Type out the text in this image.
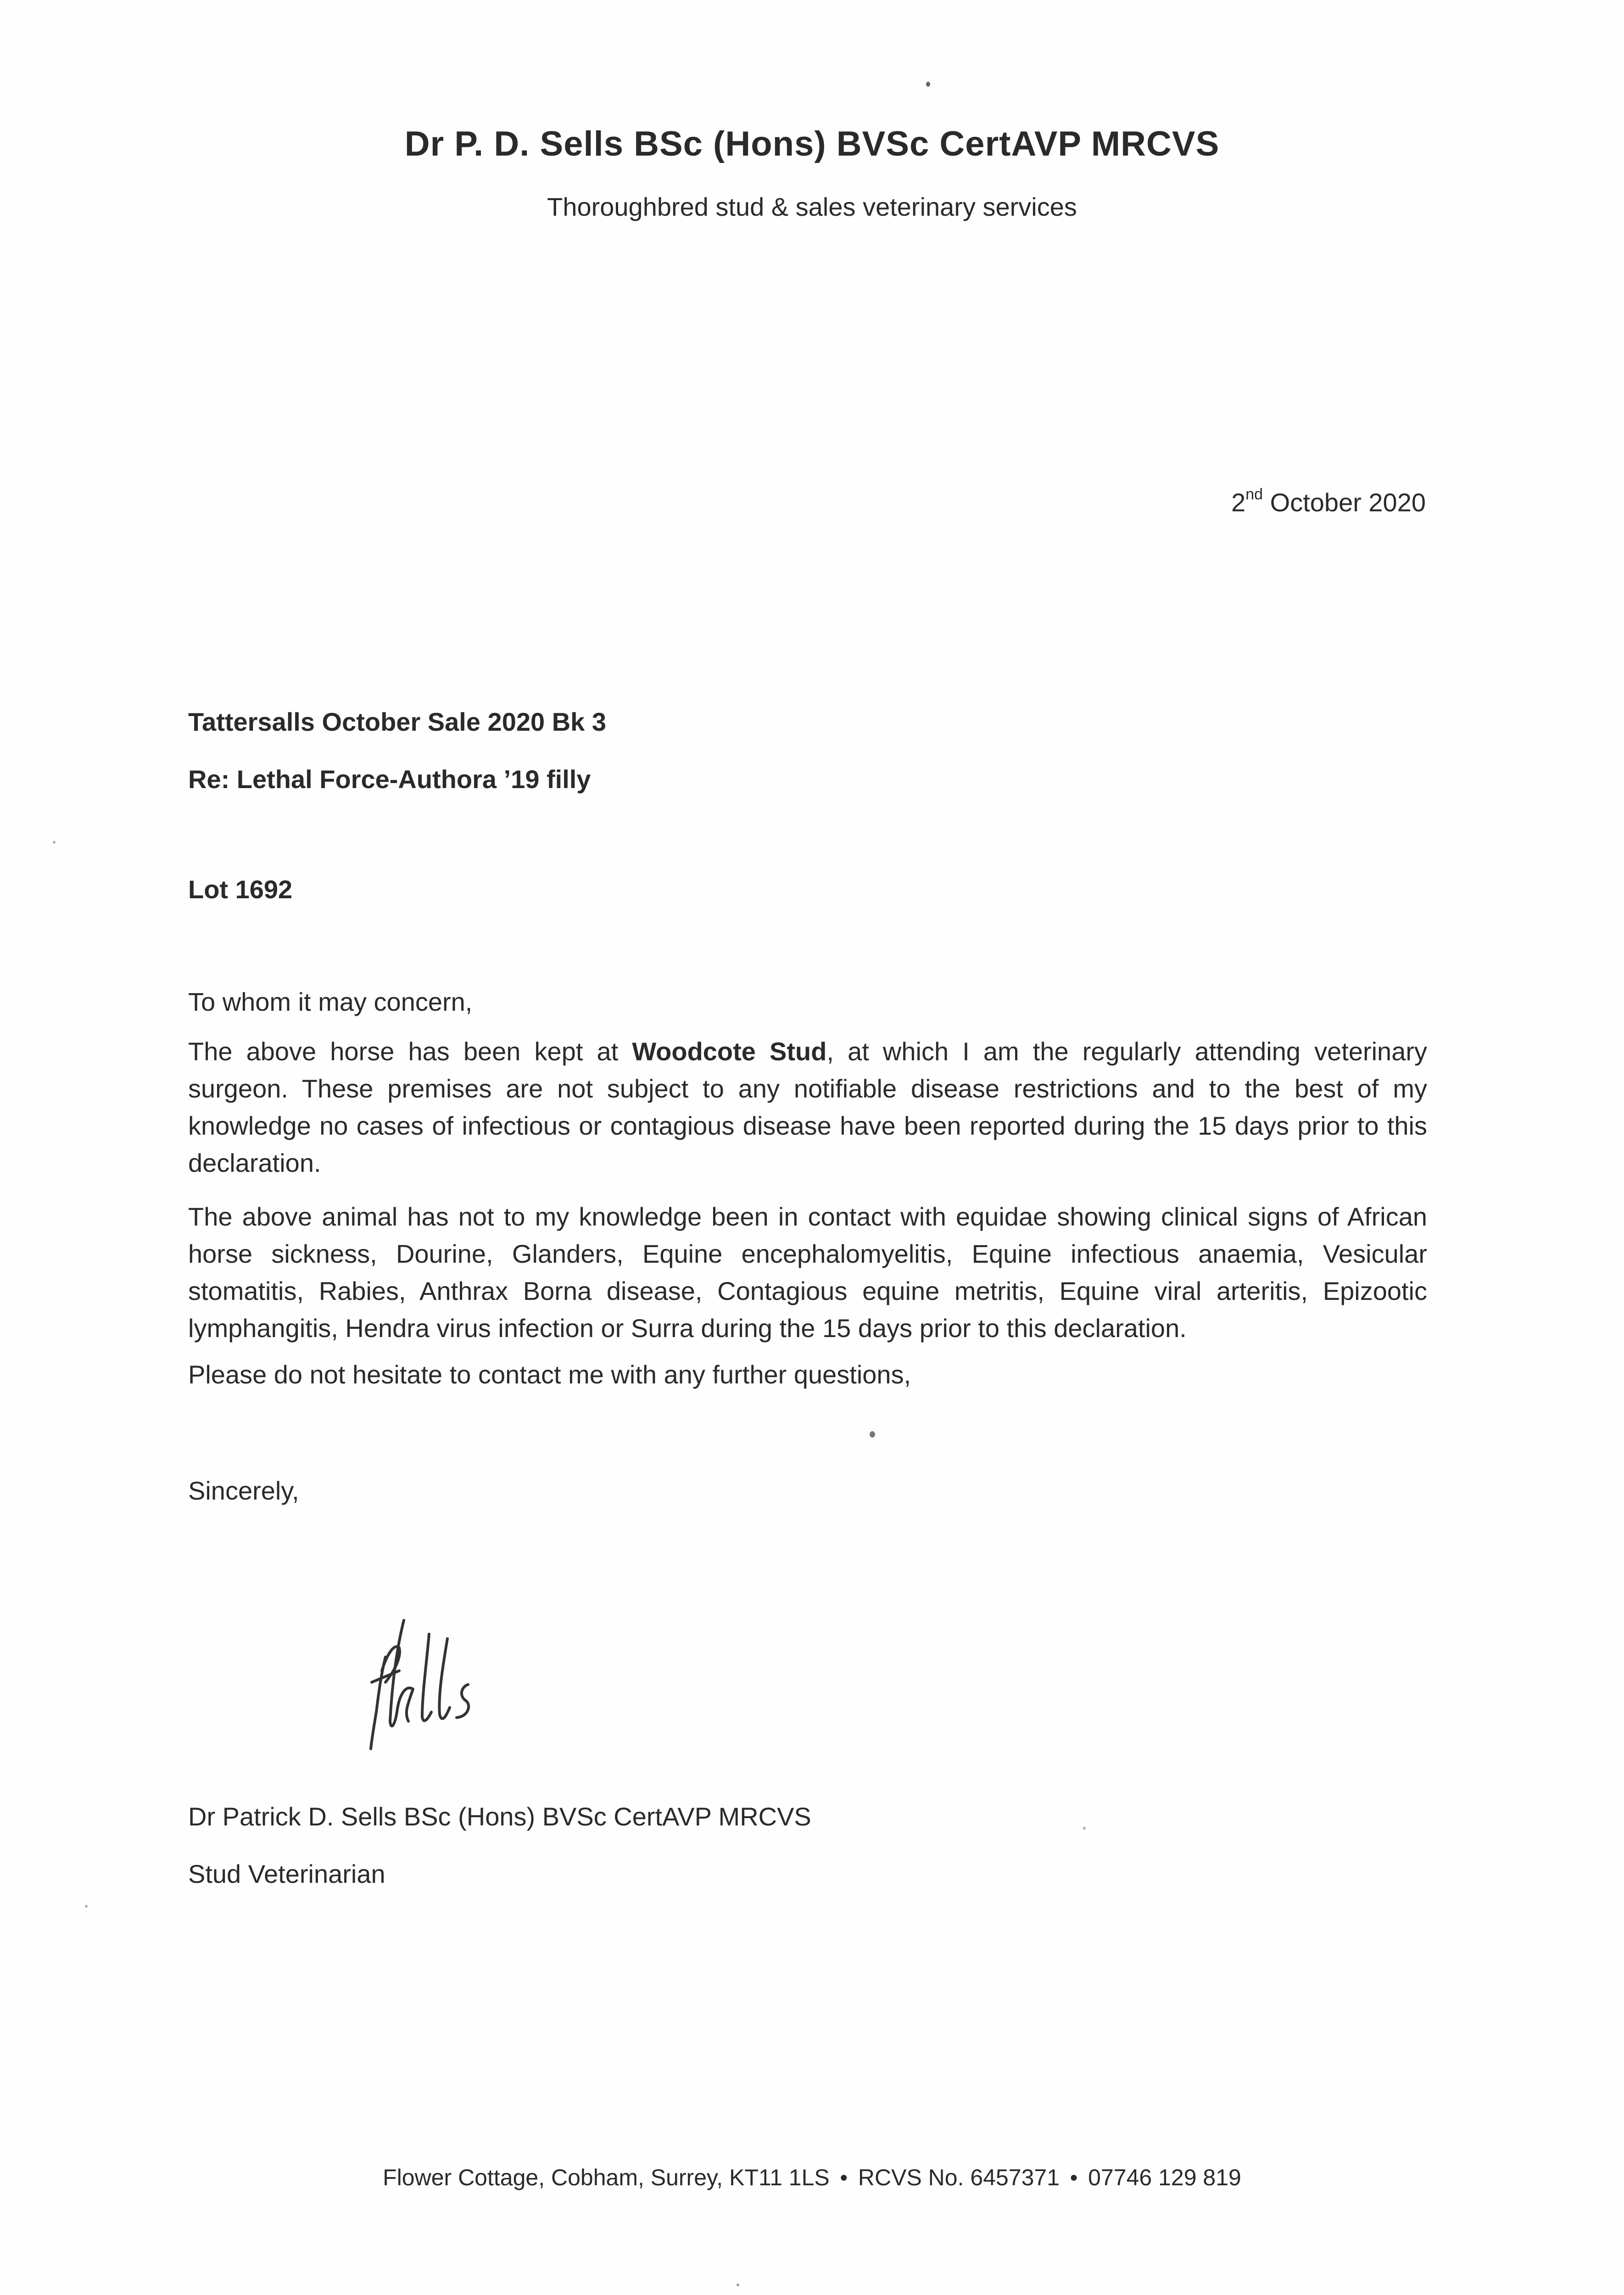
Dr P. D. Sells BSc (Hons) BVSc CertAVP MRCVS
Thoroughbred stud & sales veterinary services
2nd October 2020
Tattersalls October Sale 2020 Bk 3
Re: Lethal Force-Authora ’19 filly
Lot 1692
To whom it may concern,

The above horse has been kept at Woodcote Stud, at which I am the regularly attending veterinary surgeon. These premises are not subject to any notifiable disease restrictions and to the best of my knowledge no cases of infectious or contagious disease have been reported during the 15 days prior to this declaration.

The above animal has not to my knowledge been in contact with equidae showing clinical signs of African horse sickness, Dourine, Glanders, Equine encephalomyelitis, Equine infectious anaemia, Vesicular stomatitis, Rabies, Anthrax Borna disease, Contagious equine metritis, Equine viral arteritis, Epizootic lymphangitis, Hendra virus infection or Surra during the 15 days prior to this declaration.

Please do not hesitate to contact me with any further questions,
Sincerely,
Dr Patrick D. Sells BSc (Hons) BVSc CertAVP MRCVS
Stud Veterinarian
Flower Cottage, Cobham, Surrey, KT11 1LS ● RCVS No. 6457371 ● 07746 129 819
